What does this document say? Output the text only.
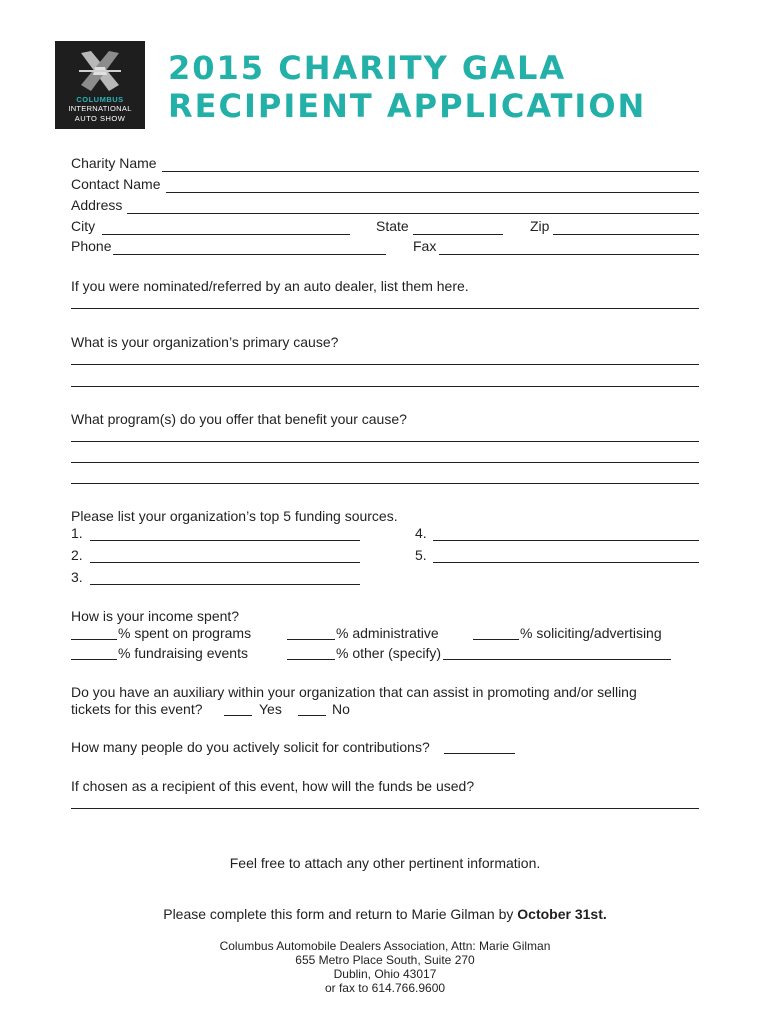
COLUMBUS
INTERNATIONAL
AUTO SHOW
2015 CHARITY GALA
RECIPIENT APPLICATION
Charity Name
Contact Name
Address
City	State	Zip
Phone	Fax
If you were nominated/referred by an auto dealer, list them here.
What is your organization’s primary cause?
What program(s) do you offer that benefit your cause?
Please list your organization’s top 5 funding sources.
1.
2.
3.
4.
5.
How is your income spent?
% spent on programs	% administrative	% soliciting/advertising
% fundraising events	% other (specify)
Do you have an auxiliary within your organization that can assist in promoting and/or selling
tickets for this event?	Yes	No
How many people do you actively solicit for contributions?
If chosen as a recipient of this event, how will the funds be used?
Feel free to attach any other pertinent information.
Please complete this form and return to Marie Gilman by October 31st.
Columbus Automobile Dealers Association, Attn: Marie Gilman
655 Metro Place South, Suite 270
Dublin, Ohio 43017
or fax to 614.766.9600
